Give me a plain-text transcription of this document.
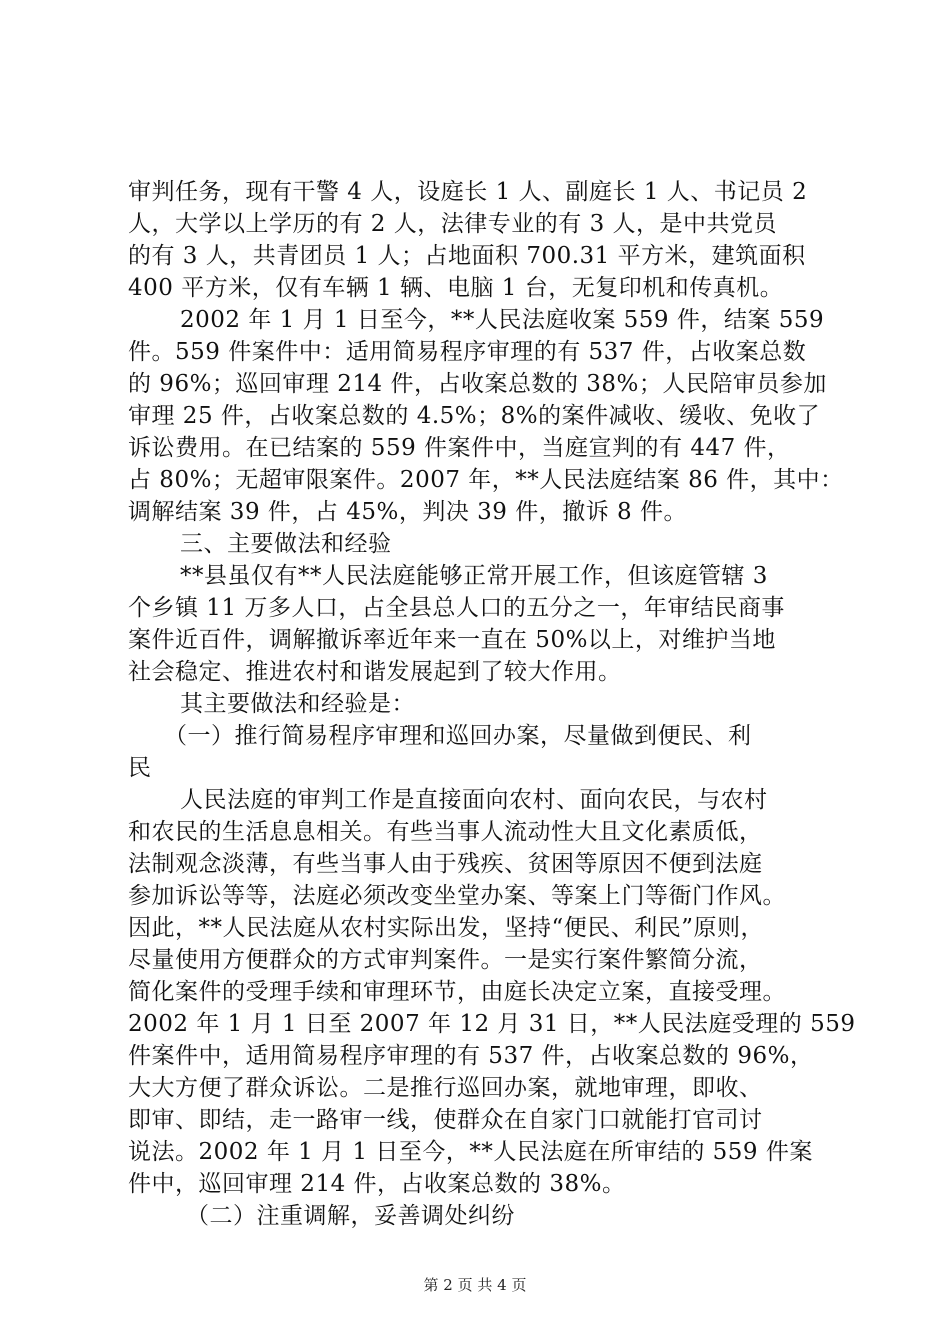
审判任务，现有干警 4 人，设庭长 1 人、副庭长 1 人、书记员 2
人，大学以上学历的有 2 人，法律专业的有 3 人，是中共党员
的有 3 人，共青团员 1 人；占地面积 700.31 平方米，建筑面积
400 平方米，仅有车辆 1 辆、电脑 1 台，无复印机和传真机。
2002 年 1 月 1 日至今，**人民法庭收案 559 件，结案 559
件。559 件案件中：适用简易程序审理的有 537 件，占收案总数
的 96%；巡回审理 214 件，占收案总数的 38%；人民陪审员参加
审理 25 件，占收案总数的 4.5%；8%的案件减收、缓收、免收了
诉讼费用。在已结案的 559 件案件中，当庭宣判的有 447 件，
占 80%；无超审限案件。2007 年，**人民法庭结案 86 件，其中：
调解结案 39 件，占 45%，判决 39 件，撤诉 8 件。
三、主要做法和经验
**县虽仅有**人民法庭能够正常开展工作，但该庭管辖 3
个乡镇 11 万多人口，占全县总人口的五分之一，年审结民商事
案件近百件，调解撤诉率近年来一直在 50%以上，对维护当地
社会稳定、推进农村和谐发展起到了较大作用。
其主要做法和经验是：
（一）推行简易程序审理和巡回办案，尽量做到便民、利
民
人民法庭的审判工作是直接面向农村、面向农民，与农村
和农民的生活息息相关。有些当事人流动性大且文化素质低，
法制观念淡薄，有些当事人由于残疾、贫困等原因不便到法庭
参加诉讼等等，法庭必须改变坐堂办案、等案上门等衙门作风。
因此，**人民法庭从农村实际出发，坚持“便民、利民”原则，
尽量使用方便群众的方式审判案件。一是实行案件繁简分流，
简化案件的受理手续和审理环节，由庭长决定立案，直接受理。
2002 年 1 月 1 日至 2007 年 12 月 31 日，**人民法庭受理的 559
件案件中，适用简易程序审理的有 537 件，占收案总数的 96%，
大大方便了群众诉讼。二是推行巡回办案，就地审理，即收、
即审、即结，走一路审一线，使群众在自家门口就能打官司讨
说法。2002 年 1 月 1 日至今，**人民法庭在所审结的 559 件案
件中，巡回审理 214 件，占收案总数的 38%。
（二）注重调解，妥善调处纠纷
第 2 页 共 4 页
